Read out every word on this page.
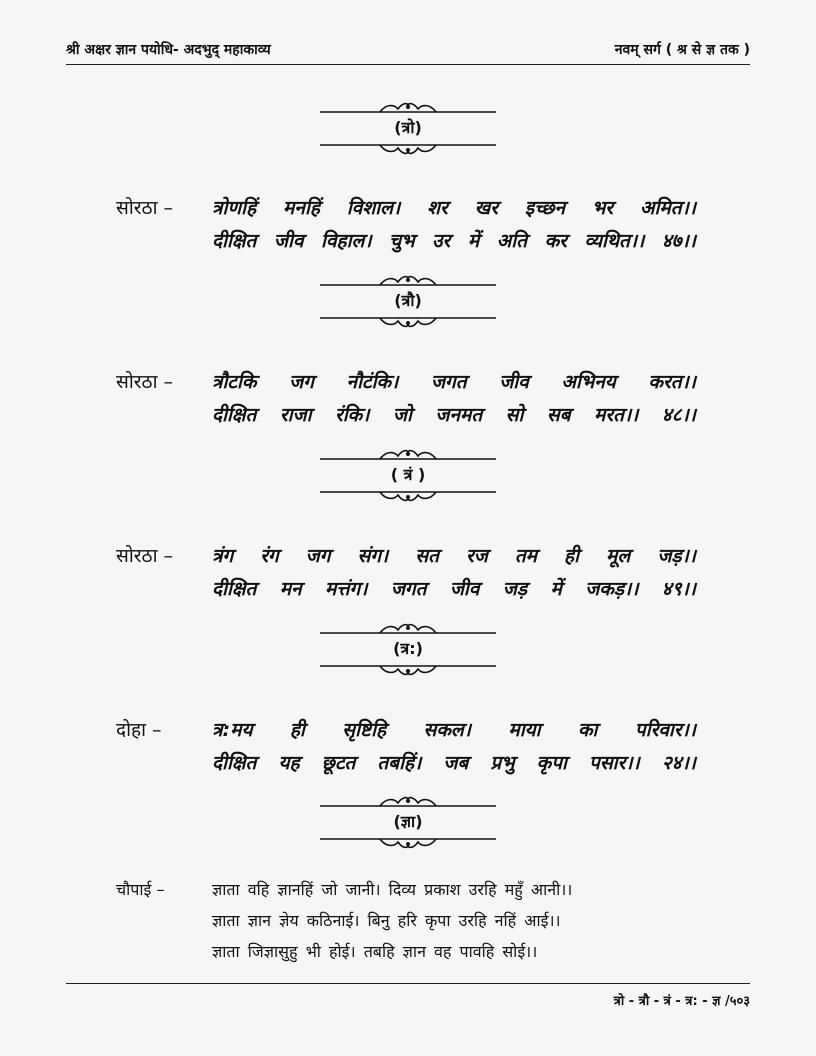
श्री अक्षर ज्ञान पयोधि- अदभुद् महाकाव्य	नवम् सर्ग ( श्र से ज्ञ तक )
(त्रो)
सोरठा – त्रोणहिं मनहिं विशाल। शर खर इच्छन भर अमित।।
दीक्षित जीव विहाल। चुभ उर में अति कर व्यथित।। ४७।।
(त्रौ)
सोरठा – त्रौटकि जग नौटंकि। जगत जीव अभिनय करत।।
दीक्षित राजा रंकि। जो जनमत सो सब मरत।। ४८।।
( त्रं )
सोरठा – त्रंग रंग जग संग। सत रज तम ही मूल जड़।।
दीक्षित मन मत्तंग। जगत जीव जड़ में जकड़।। ४९।।
(त्र:)
दोहा –	त्र:मय ही सृष्टिहि सकल। माया का परिवार।।
दीक्षित यह छूटत तबहिं। जब प्रभु कृपा पसार।। २४।।
(ज्ञा)
चौपाई –	ज्ञाता वहि ज्ञानहिं जो जानी। दिव्य प्रकाश उरहि महुँ आनी।।
ज्ञाता ज्ञान ज्ञेय कठिनाई। बिनु हरि कृपा उरहि नहिं आई।।
ज्ञाता जिज्ञासुहु भी होई। तबहि ज्ञान वह पावहि सोई।।
त्रो - त्रौ - त्रं - त्र: - ज्ञ /५०३
